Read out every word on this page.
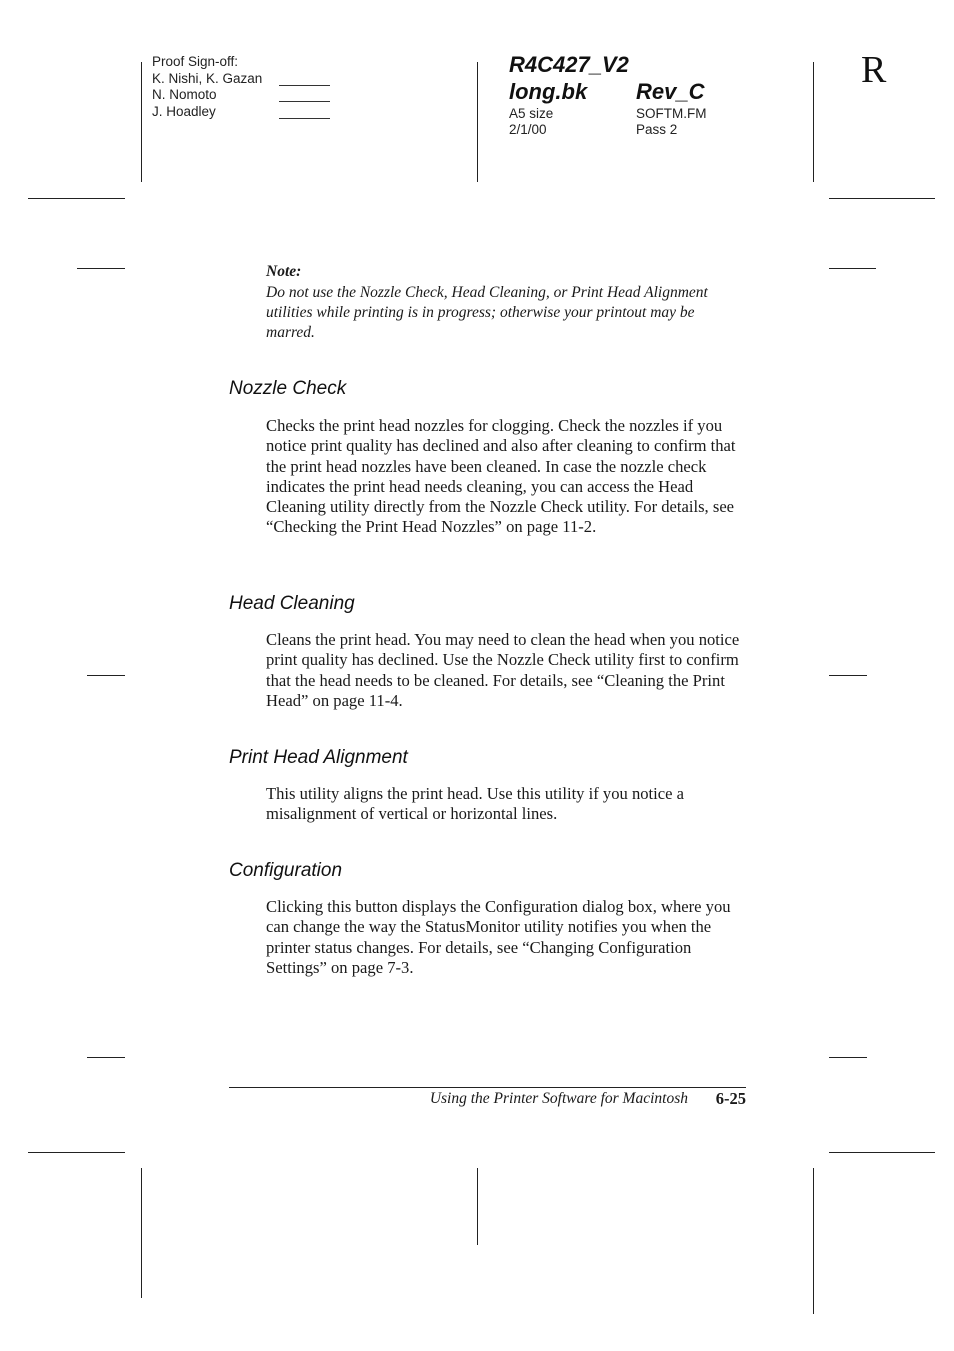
Proof Sign-off:
K. Nishi, K. Gazan
N. Nomoto
J. Hoadley
R4C427_V2
long.bk Rev_C
A5 size
2/1/00
SOFTM.FM
Pass 2
R
Note:
Do not use the Nozzle Check, Head Cleaning, or Print Head Alignment utilities while printing is in progress; otherwise your printout may be marred.
Nozzle Check
Checks the print head nozzles for clogging. Check the nozzles if you notice print quality has declined and also after cleaning to confirm that the print head nozzles have been cleaned. In case the nozzle check indicates the print head needs cleaning, you can access the Head Cleaning utility directly from the Nozzle Check utility. For details, see “Checking the Print Head Nozzles” on page 11-2.
Head Cleaning
Cleans the print head. You may need to clean the head when you notice print quality has declined. Use the Nozzle Check utility first to confirm that the head needs to be cleaned. For details, see “Cleaning the Print Head” on page 11-4.
Print Head Alignment
This utility aligns the print head. Use this utility if you notice a misalignment of vertical or horizontal lines.
Configuration
Clicking this button displays the Configuration dialog box, where you can change the way the StatusMonitor utility notifies you when the printer status changes. For details, see “Changing Configuration Settings” on page 7-3.
Using the Printer Software for Macintosh 6-25
